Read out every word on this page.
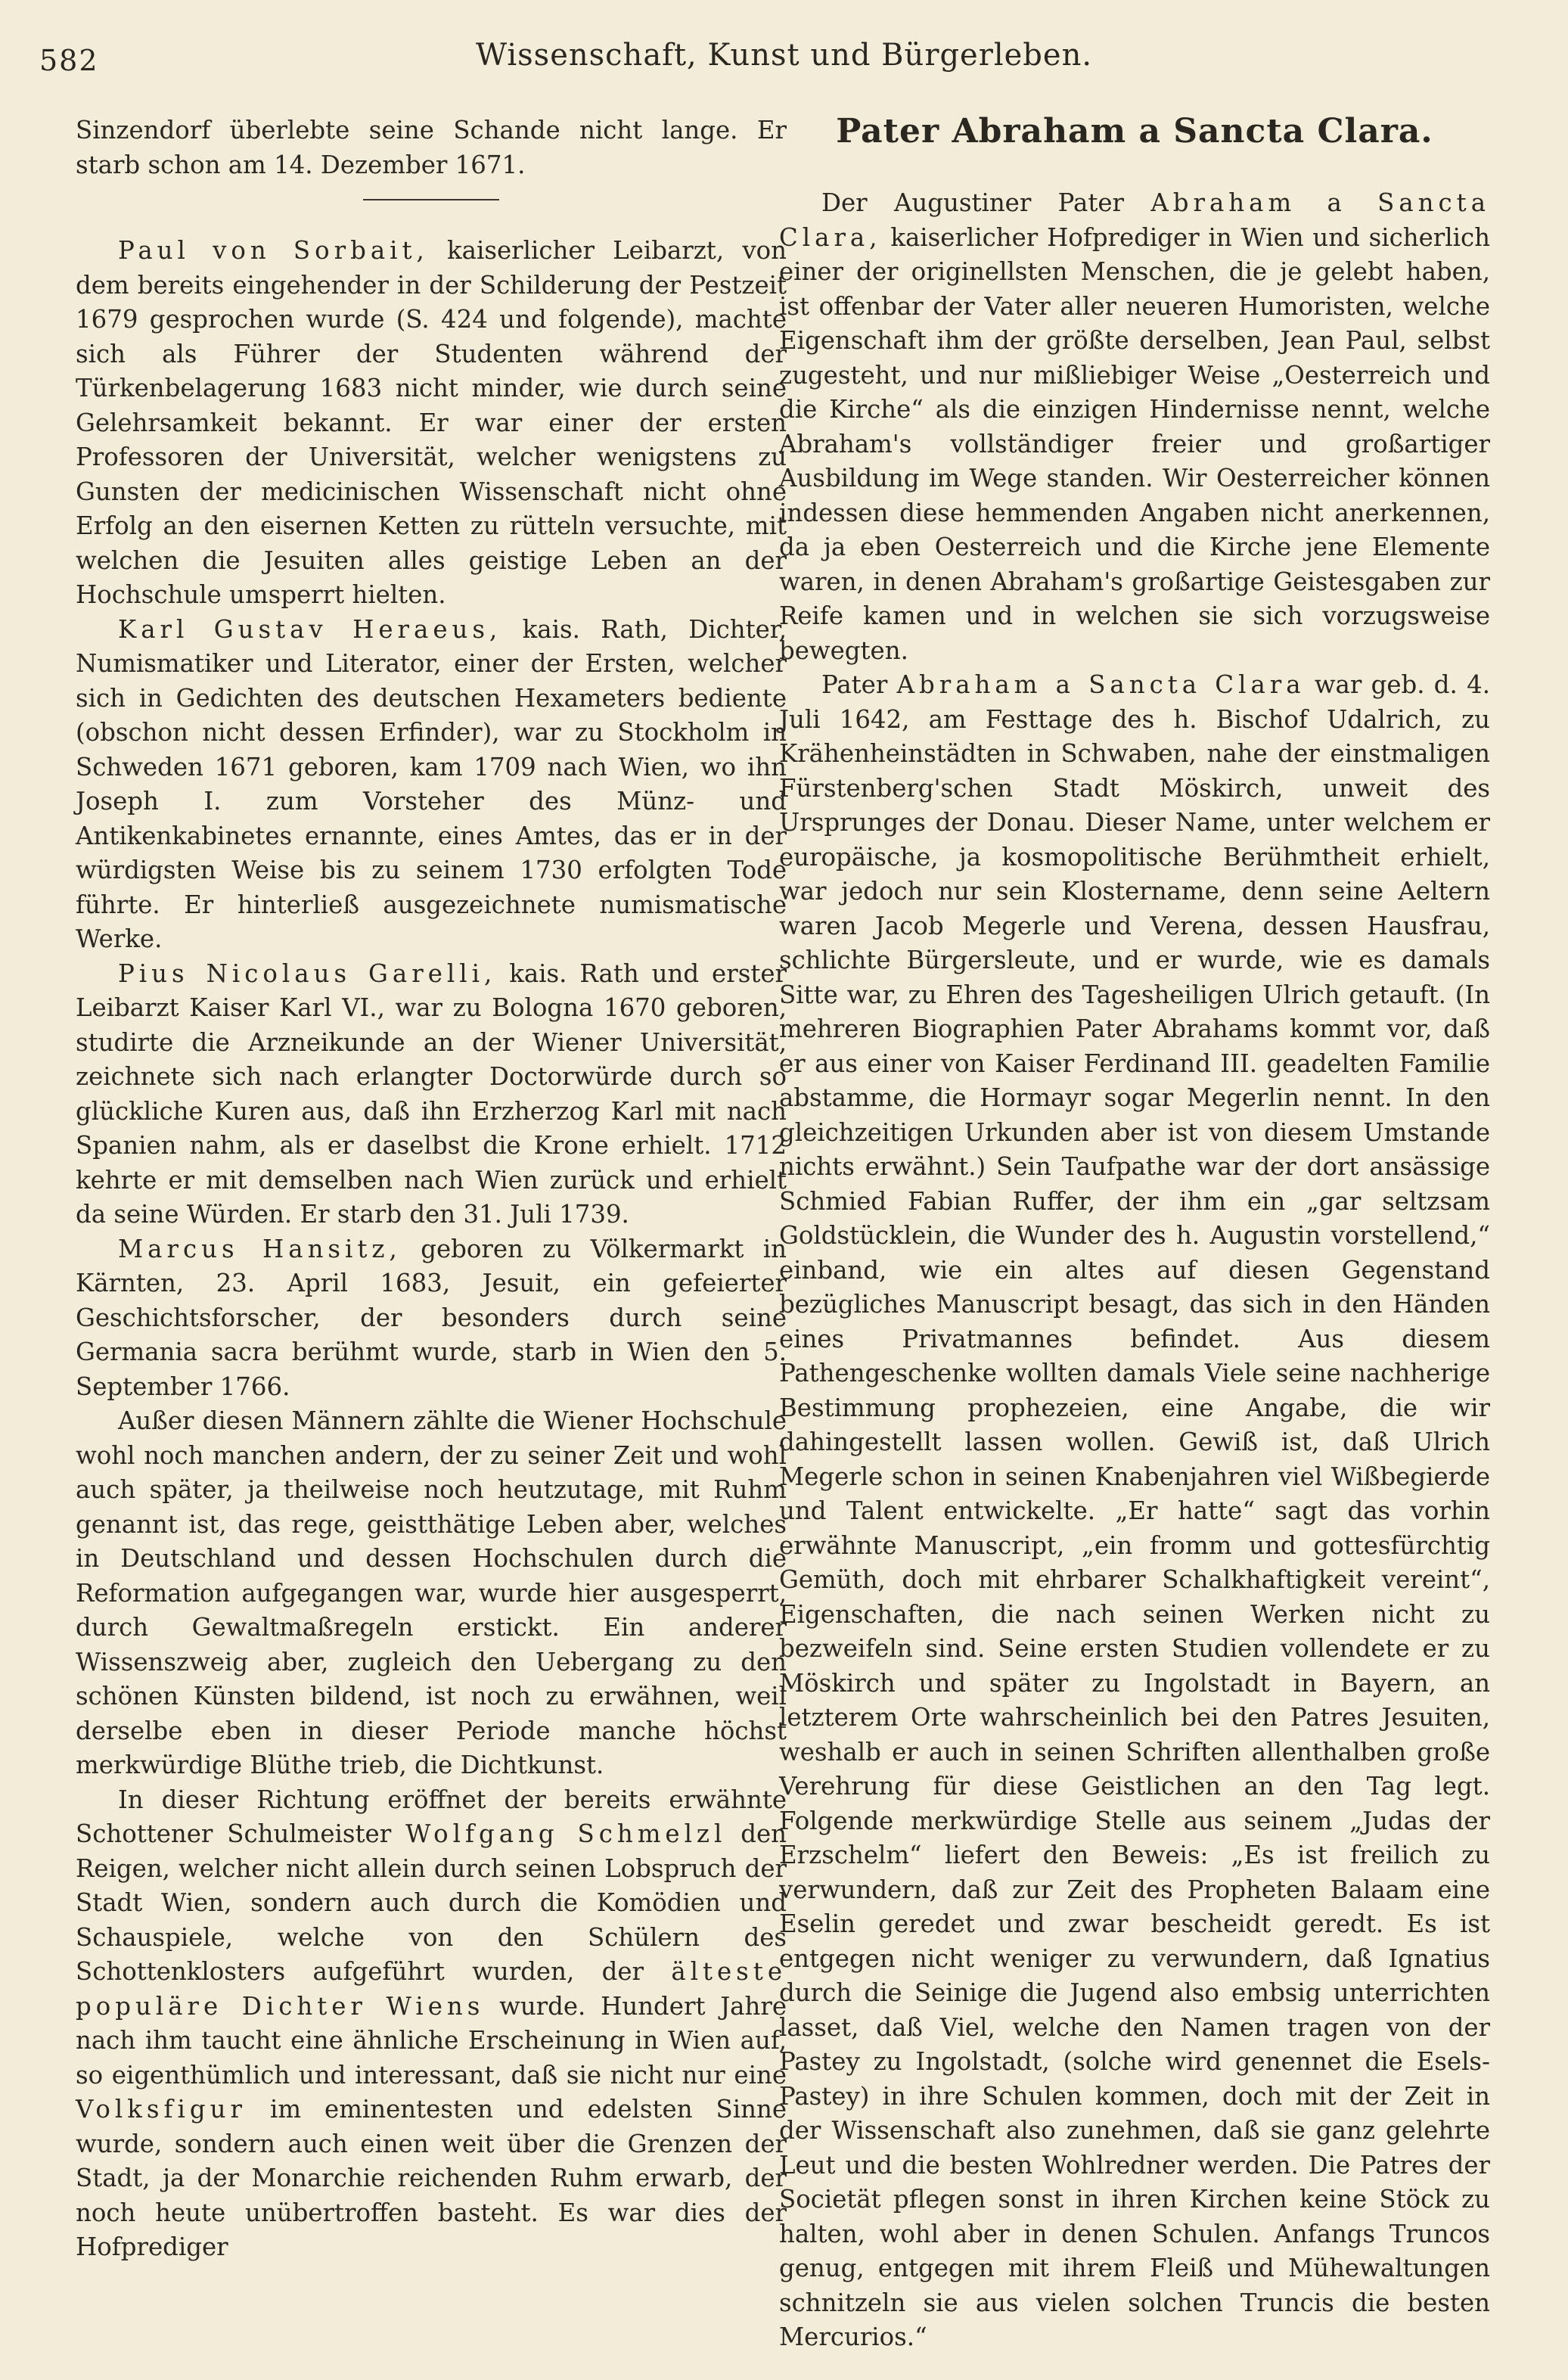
582	Wissenschaft, Kunst und Bürgerleben.

Sinzendorf überlebte seine Schande nicht lange. Er starb schon am 14. Dezember 1671.

Paul von Sorbait, kaiserlicher Leibarzt, von dem bereits eingehender in der Schilderung der Pestzeit 1679 gesprochen wurde (S. 424 und folgende), machte sich als Führer der Studenten während der Türkenbelagerung 1683 nicht minder, wie durch seine Gelehrsamkeit bekannt. Er war einer der ersten Professoren der Universität, welcher wenigstens zu Gunsten der medicinischen Wissenschaft nicht ohne Erfolg an den eisernen Ketten zu rütteln versuchte, mit welchen die Jesuiten alles geistige Leben an der Hochschule umsperrt hielten.

Karl Gustav Heraeus, kais. Rath, Dichter, Numismatiker und Literator, einer der Ersten, welcher sich in Gedichten des deutschen Hexameters bediente (obschon nicht dessen Erfinder), war zu Stockholm in Schweden 1671 geboren, kam 1709 nach Wien, wo ihn Joseph I. zum Vorsteher des Münz- und Antikenkabinetes ernannte, eines Amtes, das er in der würdigsten Weise bis zu seinem 1730 erfolgten Tode führte. Er hinterließ ausgezeichnete numismatische Werke.

Pius Nicolaus Garelli, kais. Rath und erster Leibarzt Kaiser Karl VI., war zu Bologna 1670 geboren, studirte die Arzneikunde an der Wiener Universität, zeichnete sich nach erlangter Doctorwürde durch so glückliche Kuren aus, daß ihn Erzherzog Karl mit nach Spanien nahm, als er daselbst die Krone erhielt. 1712 kehrte er mit demselben nach Wien zurück und erhielt da seine Würden. Er starb den 31. Juli 1739.

Marcus Hansitz, geboren zu Völkermarkt in Kärnten, 23. April 1683, Jesuit, ein gefeierter Geschichtsforscher, der besonders durch seine Germania sacra berühmt wurde, starb in Wien den 5. September 1766.

Außer diesen Männern zählte die Wiener Hochschule wohl noch manchen andern, der zu seiner Zeit und wohl auch später, ja theilweise noch heutzutage, mit Ruhm genannt ist, das rege, geistthätige Leben aber, welches in Deutschland und dessen Hochschulen durch die Reformation aufgegangen war, wurde hier ausgesperrt, durch Gewaltmaßregeln erstickt. Ein anderer Wissenszweig aber, zugleich den Uebergang zu den schönen Künsten bildend, ist noch zu erwähnen, weil derselbe eben in dieser Periode manche höchst merkwürdige Blüthe trieb, die Dichtkunst.

In dieser Richtung eröffnet der bereits erwähnte Schottener Schulmeister Wolfgang Schmelzl den Reigen, welcher nicht allein durch seinen Lobspruch der Stadt Wien, sondern auch durch die Komödien und Schauspiele, welche von den Schülern des Schottenklosters aufgeführt wurden, der älteste populäre Dichter Wiens wurde. Hundert Jahre nach ihm taucht eine ähnliche Erscheinung in Wien auf, so eigenthümlich und interessant, daß sie nicht nur eine Volksfigur im eminentesten und edelsten Sinne wurde, sondern auch einen weit über die Grenzen der Stadt, ja der Monarchie reichenden Ruhm erwarb, der noch heute unübertroffen basteht. Es war dies der Hofprediger

Pater Abraham a Sancta Clara.

Der Augustiner Pater Abraham a Sancta Clara, kaiserlicher Hofprediger in Wien und sicherlich einer der originellsten Menschen, die je gelebt haben, ist offenbar der Vater aller neueren Humoristen, welche Eigenschaft ihm der größte derselben, Jean Paul, selbst zugesteht, und nur mißliebiger Weise „Oesterreich und die Kirche“ als die einzigen Hindernisse nennt, welche Abraham's vollständiger freier und großartiger Ausbildung im Wege standen. Wir Oesterreicher können indessen diese hemmenden Angaben nicht anerkennen, da ja eben Oesterreich und die Kirche jene Elemente waren, in denen Abraham's großartige Geistesgaben zur Reife kamen und in welchen sie sich vorzugsweise bewegten.

Pater Abraham a Sancta Clara war geb. d. 4. Juli 1642, am Festtage des h. Bischof Udalrich, zu Krähenheinstädten in Schwaben, nahe der einstmaligen Fürstenberg'schen Stadt Möskirch, unweit des Ursprunges der Donau. Dieser Name, unter welchem er europäische, ja kosmopolitische Berühmtheit erhielt, war jedoch nur sein Klostername, denn seine Aeltern waren Jacob Megerle und Verena, dessen Hausfrau, schlichte Bürgersleute, und er wurde, wie es damals Sitte war, zu Ehren des Tagesheiligen Ulrich getauft. (In mehreren Biographien Pater Abrahams kommt vor, daß er aus einer von Kaiser Ferdinand III. geadelten Familie abstamme, die Hormayr sogar Megerlin nennt. In den gleichzeitigen Urkunden aber ist von diesem Umstande nichts erwähnt.) Sein Taufpathe war der dort ansässige Schmied Fabian Ruffer, der ihm ein „gar seltzsam Goldstücklein, die Wunder des h. Augustin vorstellend,“ einband, wie ein altes auf diesen Gegenstand bezügliches Manuscript besagt, das sich in den Händen eines Privatmannes befindet. Aus diesem Pathengeschenke wollten damals Viele seine nachherige Bestimmung prophezeien, eine Angabe, die wir dahingestellt lassen wollen. Gewiß ist, daß Ulrich Megerle schon in seinen Knabenjahren viel Wißbegierde und Talent entwickelte. „Er hatte“ sagt das vorhin erwähnte Manuscript, „ein fromm und gottesfürchtig Gemüth, doch mit ehrbarer Schalkhaftigkeit vereint“, Eigenschaften, die nach seinen Werken nicht zu bezweifeln sind. Seine ersten Studien vollendete er zu Möskirch und später zu Ingolstadt in Bayern, an letzterem Orte wahrscheinlich bei den Patres Jesuiten, weshalb er auch in seinen Schriften allenthalben große Verehrung für diese Geistlichen an den Tag legt. Folgende merkwürdige Stelle aus seinem „Judas der Erzschelm“ liefert den Beweis: „Es ist freilich zu verwundern, daß zur Zeit des Propheten Balaam eine Eselin geredet und zwar bescheidt geredt. Es ist entgegen nicht weniger zu verwundern, daß Ignatius durch die Seinige die Jugend also embsig unterrichten lasset, daß Viel, welche den Namen tragen von der Pastey zu Ingolstadt, (solche wird genennet die Esels-Pastey) in ihre Schulen kommen, doch mit der Zeit in der Wissenschaft also zunehmen, daß sie ganz gelehrte Leut und die besten Wohlredner werden. Die Patres der Societät pflegen sonst in ihren Kirchen keine Stöck zu halten, wohl aber in denen Schulen. Anfangs Truncos genug, entgegen mit ihrem Fleiß und Mühewaltungen schnitzeln sie aus vielen solchen Truncis die besten Mercurios.“
